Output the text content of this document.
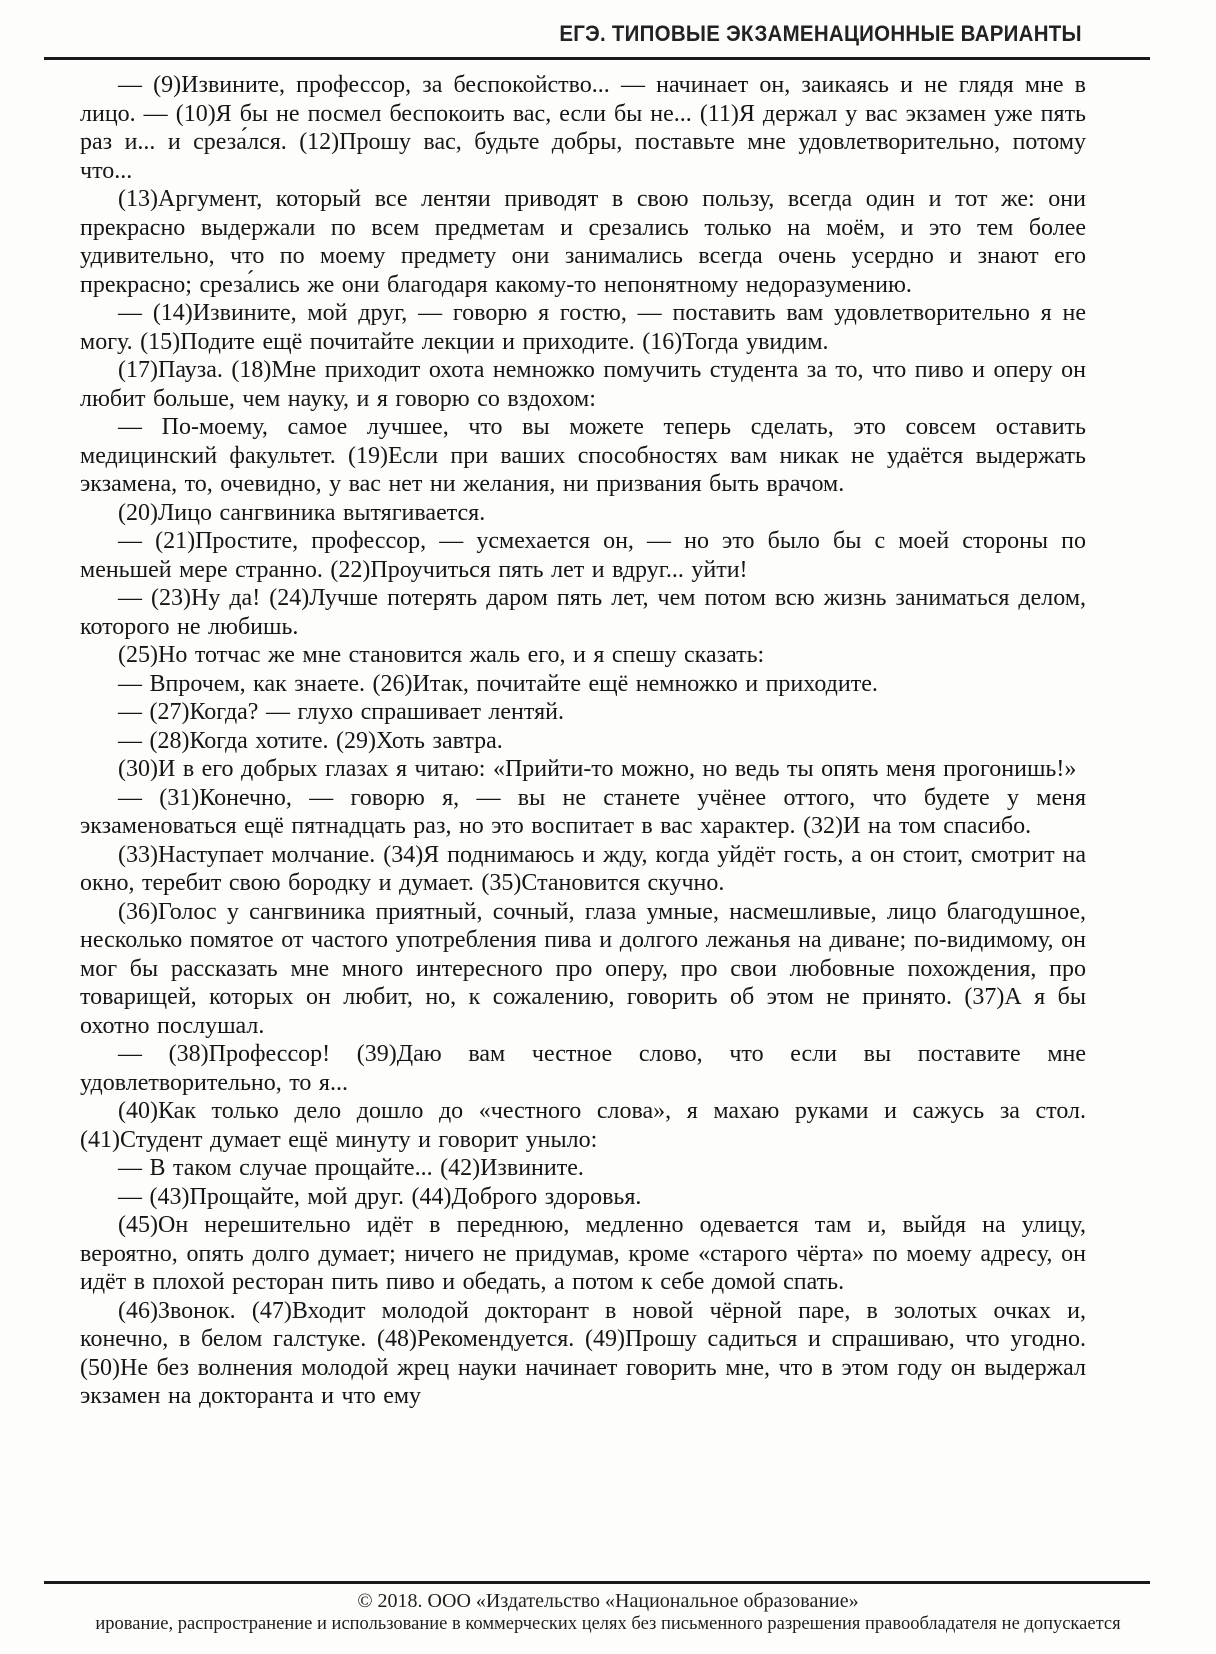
ЕГЭ. ТИПОВЫЕ ЭКЗАМЕНАЦИОННЫЕ ВАРИАНТЫ

— (9)Извините, профессор, за беспокойство... — начинает он, заикаясь и не глядя мне в лицо. — (10)Я бы не посмел беспокоить вас, если бы не... (11)Я держал у вас экзамен уже пять раз и... и среза́лся. (12)Прошу вас, будьте добры, поставьте мне удовлетворительно, потому что...

(13)Аргумент, который все лентяи приводят в свою пользу, всегда один и тот же: они прекрасно выдержали по всем предметам и срезались только на моём, и это тем более удивительно, что по моему предмету они занимались всегда очень усердно и знают его прекрасно; среза́лись же они благодаря какому-то непонятному недоразумению.

— (14)Извините, мой друг, — говорю я гостю, — поставить вам удовлетворительно я не могу. (15)Подите ещё почитайте лекции и приходите. (16)Тогда увидим.

(17)Пауза. (18)Мне приходит охота немножко помучить студента за то, что пиво и оперу он любит больше, чем науку, и я говорю со вздохом:

— По-моему, самое лучшее, что вы можете теперь сделать, это совсем оставить медицинский факультет. (19)Если при ваших способностях вам никак не удаётся выдержать экзамена, то, очевидно, у вас нет ни желания, ни призвания быть врачом.

(20)Лицо сангвиника вытягивается.

— (21)Простите, профессор, — усмехается он, — но это было бы с моей стороны по меньшей мере странно. (22)Проучиться пять лет и вдруг... уйти!

— (23)Ну да! (24)Лучше потерять даром пять лет, чем потом всю жизнь заниматься делом, которого не любишь.

(25)Но тотчас же мне становится жаль его, и я спешу сказать:

— Впрочем, как знаете. (26)Итак, почитайте ещё немножко и приходите.

— (27)Когда? — глухо спрашивает лентяй.

— (28)Когда хотите. (29)Хоть завтра.

(30)И в его добрых глазах я читаю: «Прийти-то можно, но ведь ты опять меня прогонишь!»

— (31)Конечно, — говорю я, — вы не станете учёнее оттого, что будете у меня экзаменоваться ещё пятнадцать раз, но это воспитает в вас характер. (32)И на том спасибо.

(33)Наступает молчание. (34)Я поднимаюсь и жду, когда уйдёт гость, а он стоит, смотрит на окно, теребит свою бородку и думает. (35)Становится скучно.

(36)Голос у сангвиника приятный, сочный, глаза умные, насмешливые, лицо благодушное, несколько помятое от частого употребления пива и долгого лежанья на диване; по-видимому, он мог бы рассказать мне много интересного про оперу, про свои любовные похождения, про товарищей, которых он любит, но, к сожалению, говорить об этом не принято. (37)А я бы охотно послушал.

— (38)Профессор! (39)Даю вам честное слово, что если вы поставите мне удовлетворительно, то я...

(40)Как только дело дошло до «честного слова», я махаю руками и сажусь за стол. (41)Студент думает ещё минуту и говорит уныло:

— В таком случае прощайте... (42)Извините.

— (43)Прощайте, мой друг. (44)Доброго здоровья.

(45)Он нерешительно идёт в переднюю, медленно одевается там и, выйдя на улицу, вероятно, опять долго думает; ничего не придумав, кроме «старого чёрта» по моему адресу, он идёт в плохой ресторан пить пиво и обедать, а потом к себе домой спать.

(46)Звонок. (47)Входит молодой докторант в новой чёрной паре, в золотых очках и, конечно, в белом галстуке. (48)Рекомендуется. (49)Прошу садиться и спрашиваю, что угодно. (50)Не без волнения молодой жрец науки начинает говорить мне, что в этом году он выдержал экзамен на докторанта и что ему

© 2018. ООО «Издательство «Национальное образование»
ирование, распространение и использование в коммерческих целях без письменного разрешения правообладателя не допускается
